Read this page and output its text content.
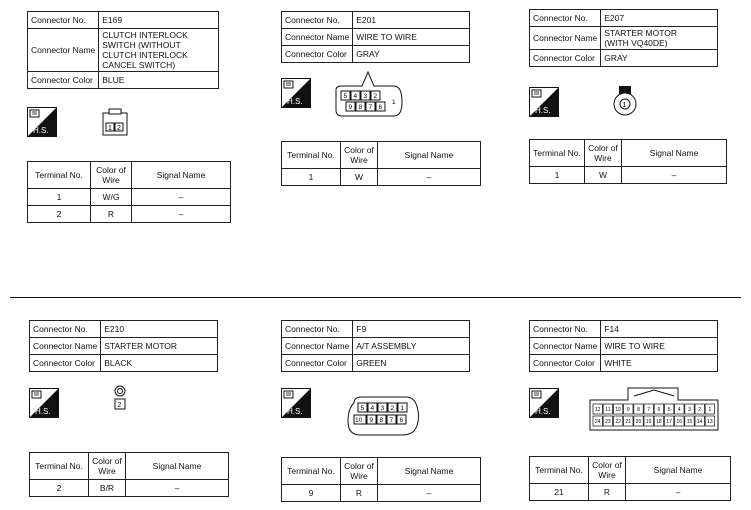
Connector No.	E169
Connector Name	CLUTCH INTERLOCK
SWITCH (WITHOUT
CLUTCH INTERLOCK
CANCEL SWITCH)
Connector Color	BLUE
H.S.	1 2
Terminal No.	Color of Wire	Signal Name
1	W/G	–
2	R	–
Connector No.	E201
Connector Name	WIRE TO WIRE
Connector Color	GRAY
H.S.
5 4 3 2
1
9 8 7 6
Terminal No.	Color of Wire	Signal Name
1	W	–
Connector No.	E207
Connector Name	STARTER MOTOR
(WITH VQ40DE)
Connector Color	GRAY
H.S.
1
Terminal No.	Color of Wire	Signal Name
1	W	–
Connector No.	E210
Connector Name	STARTER MOTOR
Connector Color	BLACK
H.S.
2
Terminal No.	Color of Wire	Signal Name
2	B/R	–
Connector No.	F9
Connector Name	A/T ASSEMBLY
Connector Color	GREEN
H.S.	5 4 3 2 1
10 9 8 7 6
Terminal No.	Color of Wire	Signal Name
9	R	–
Connector No.	F14
Connector Name	WIRE TO WIRE
Connector Color	WHITE
H.S.	12 11 10 9 8 7 6 5 4 3 2 1
24 23 22 21 20 19 18 17 16 15 14 13
Terminal No.	Color of Wire	Signal Name
21	R	–
